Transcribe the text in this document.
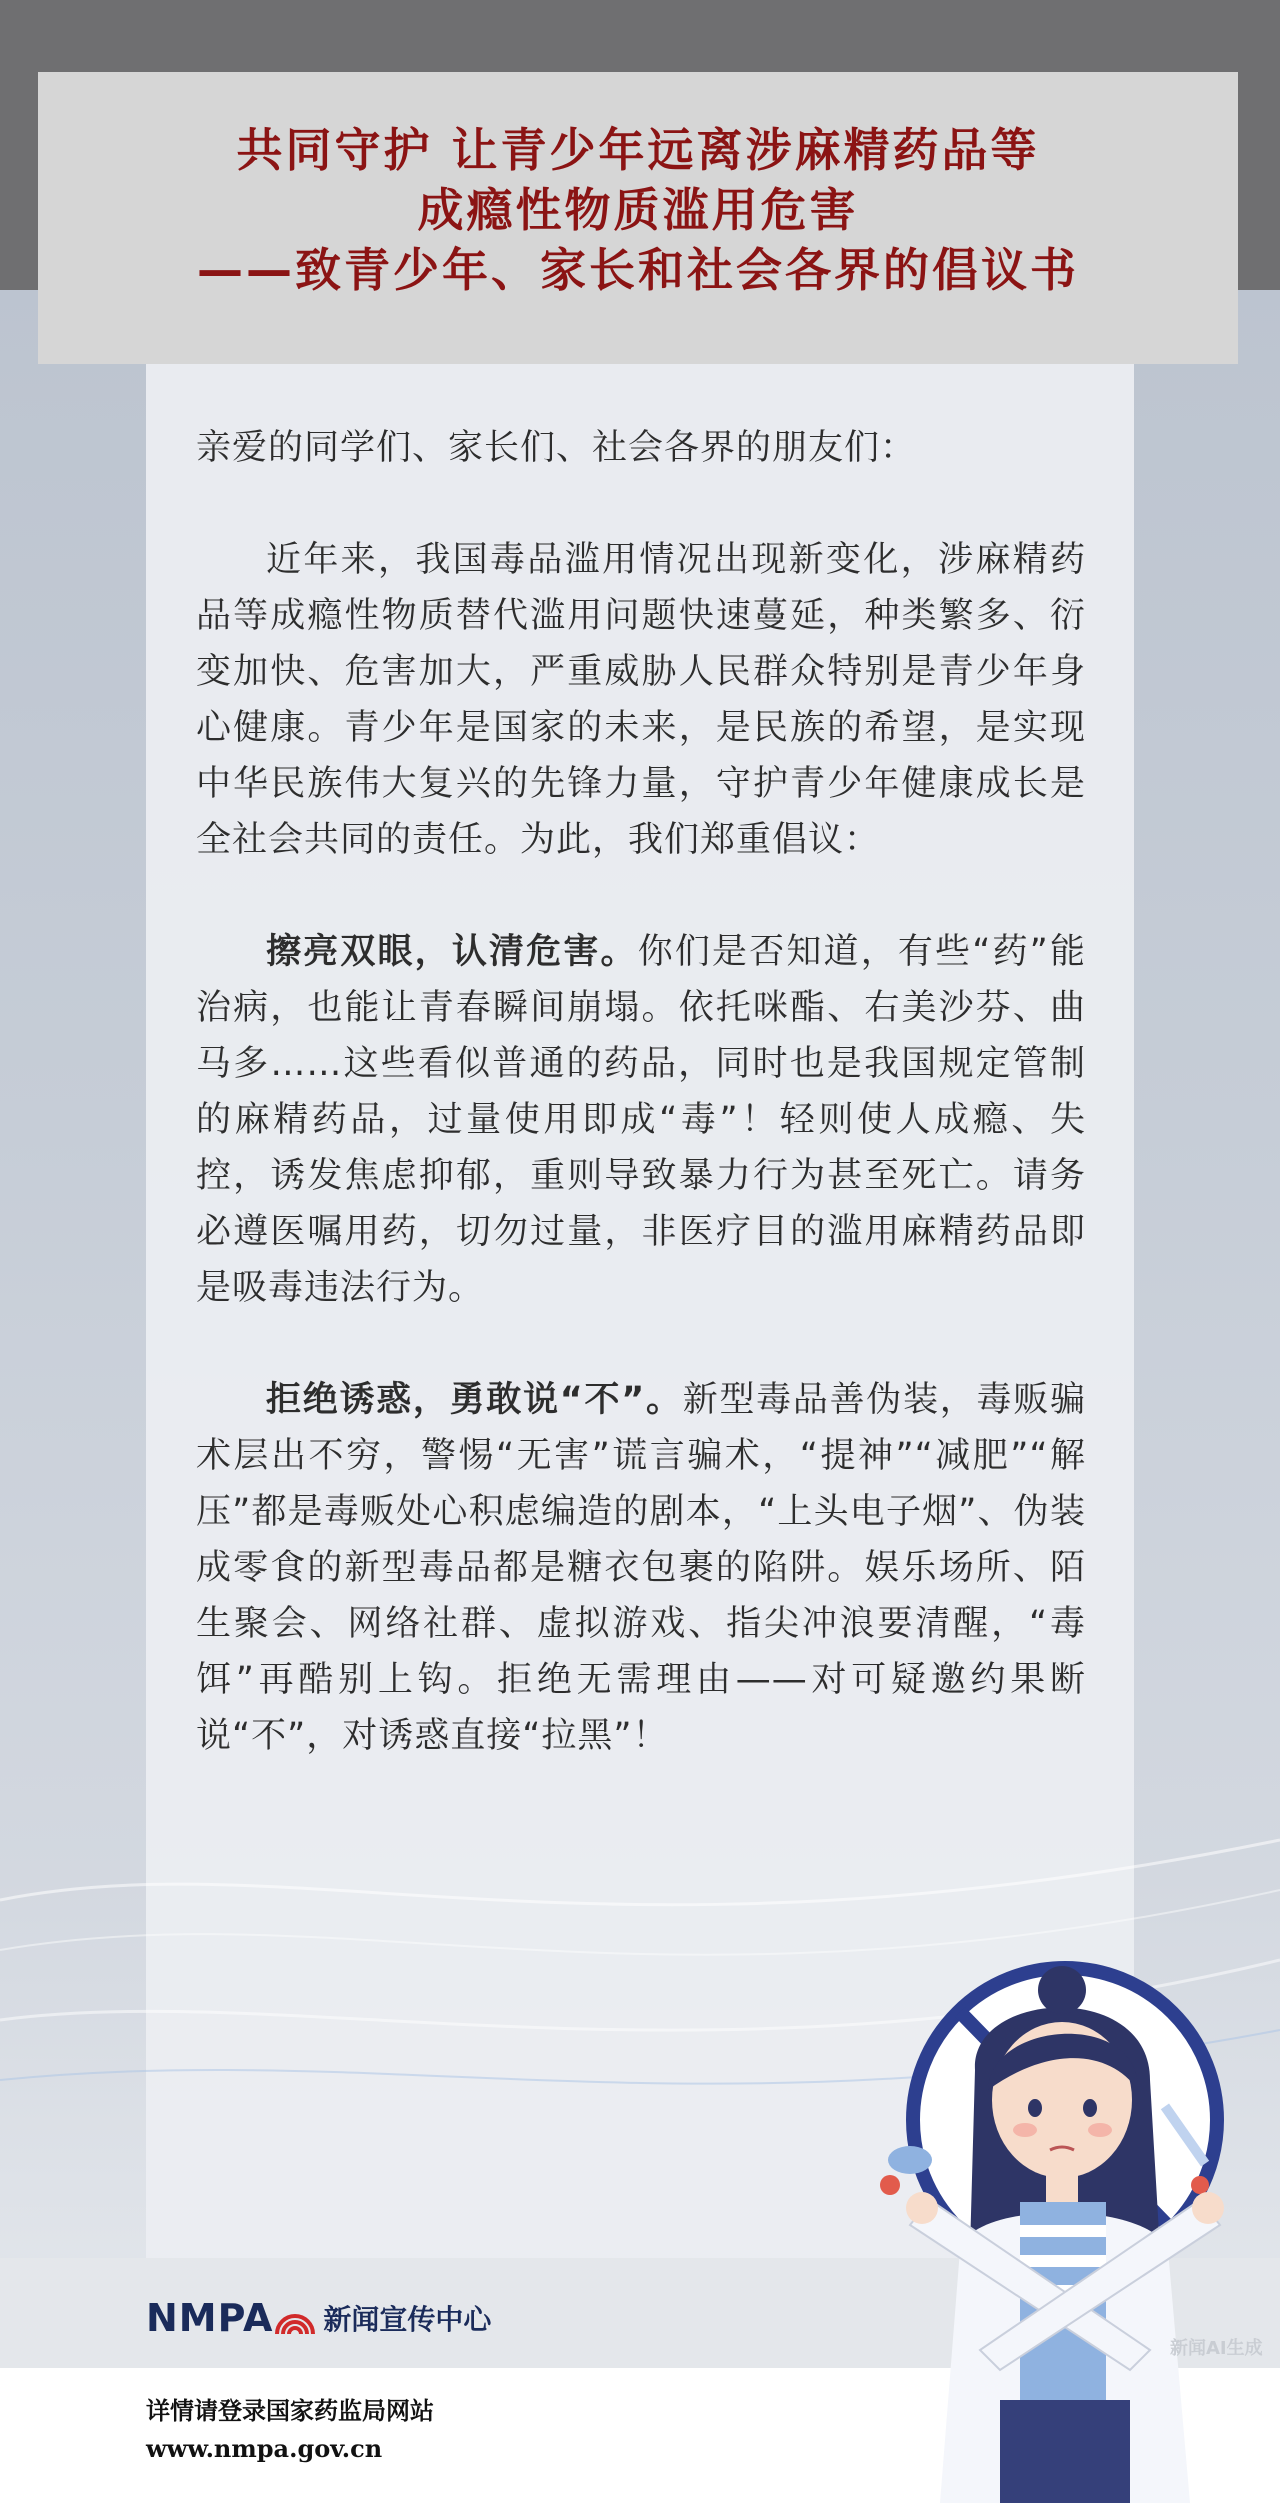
共同守护 让青少年远离涉麻精药品等
成瘾性物质滥用危害
——致青少年、家长和社会各界的倡议书

亲爱的同学们、家长们、社会各界的朋友们：

近年来，我国毒品滥用情况出现新变化，涉麻精药品等成瘾性物质替代滥用问题快速蔓延，种类繁多、衍变加快、危害加大，严重威胁人民群众特别是青少年身心健康。青少年是国家的未来，是民族的希望，是实现中华民族伟大复兴的先锋力量，守护青少年健康成长是全社会共同的责任。为此，我们郑重倡议：

擦亮双眼，认清危害。你们是否知道，有些“药”能治病，也能让青春瞬间崩塌。依托咪酯、右美沙芬、曲马多……这些看似普通的药品，同时也是我国规定管制的麻精药品，过量使用即成“毒”！轻则使人成瘾、失控，诱发焦虑抑郁，重则导致暴力行为甚至死亡。请务必遵医嘱用药，切勿过量，非医疗目的滥用麻精药品即是吸毒违法行为。

拒绝诱惑，勇敢说“不”。新型毒品善伪装，毒贩骗术层出不穷，警惕“无害”谎言骗术，“提神”“减肥”“解压”都是毒贩处心积虑编造的剧本，“上头电子烟”、伪装成零食的新型毒品都是糖衣包裹的陷阱。娱乐场所、陌生聚会、网络社群、虚拟游戏、指尖冲浪要清醒，“毒饵”再酷别上钩。拒绝无需理由——对可疑邀约果断说“不”，对诱惑直接“拉黑”！

NMPA 新闻宣传中心
详情请登录国家药监局网站
www.nmpa.gov.cn
新闻AI生成
